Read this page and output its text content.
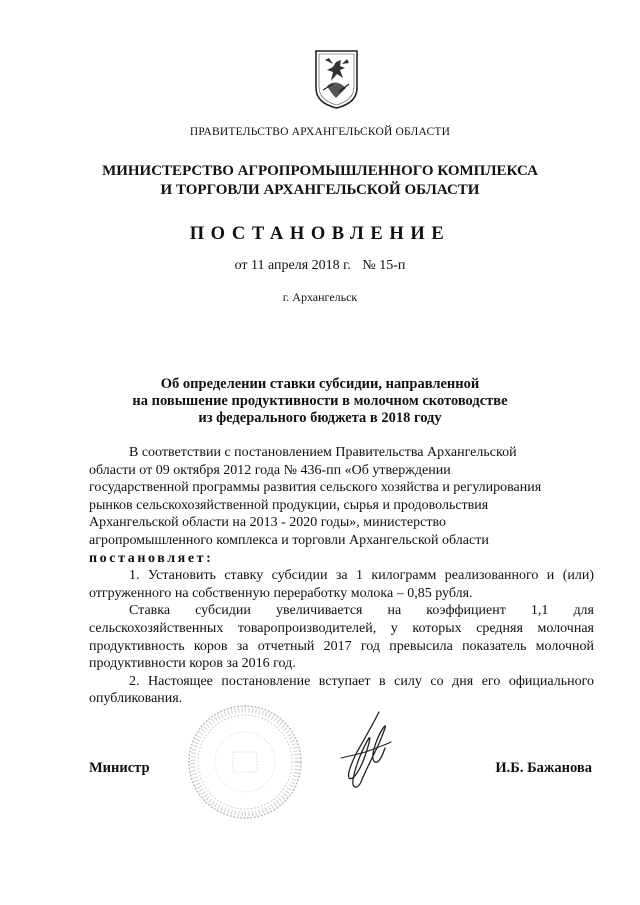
ПРАВИТЕЛЬСТВО АРХАНГЕЛЬСКОЙ ОБЛАСТИ
МИНИСТЕРСТВО АГРОПРОМЫШЛЕННОГО КОМПЛЕКСА
И ТОРГОВЛИ АРХАНГЕЛЬСКОЙ ОБЛАСТИ
ПОСТАНОВЛЕНИЕ
от 11 апреля 2018 г. № 15-п
г. Архангельск
Об определении ставки субсидии, направленной
на повышение продуктивности в молочном скотоводстве
из федерального бюджета в 2018 году

В соответствии с постановлением Правительства Архангельской

области от 09 октября 2012 года № 436-пп «Об утверждении

государственной программы развития сельского хозяйства и регулирования

рынков сельскохозяйственной продукции, сырья и продовольствия

Архангельской области на 2013 - 2020 годы», министерство

агропромышленного комплекса и торговли Архангельской области

постановляет:

1. Установить ставку субсидии за 1 килограмм реализованного и (или) отгруженного на собственную переработку молока – 0,85 рубля.

Ставка субсидии увеличивается на коэффициент 1,1 для сельскохозяйственных товаропроизводителей, у которых средняя молочная продуктивность коров за отчетный 2017 год превысила показатель молочной продуктивности коров за 2016 год.

2. Настоящее постановление вступает в силу со дня его официального опубликования.

Министр	И.Б. Бажанова
